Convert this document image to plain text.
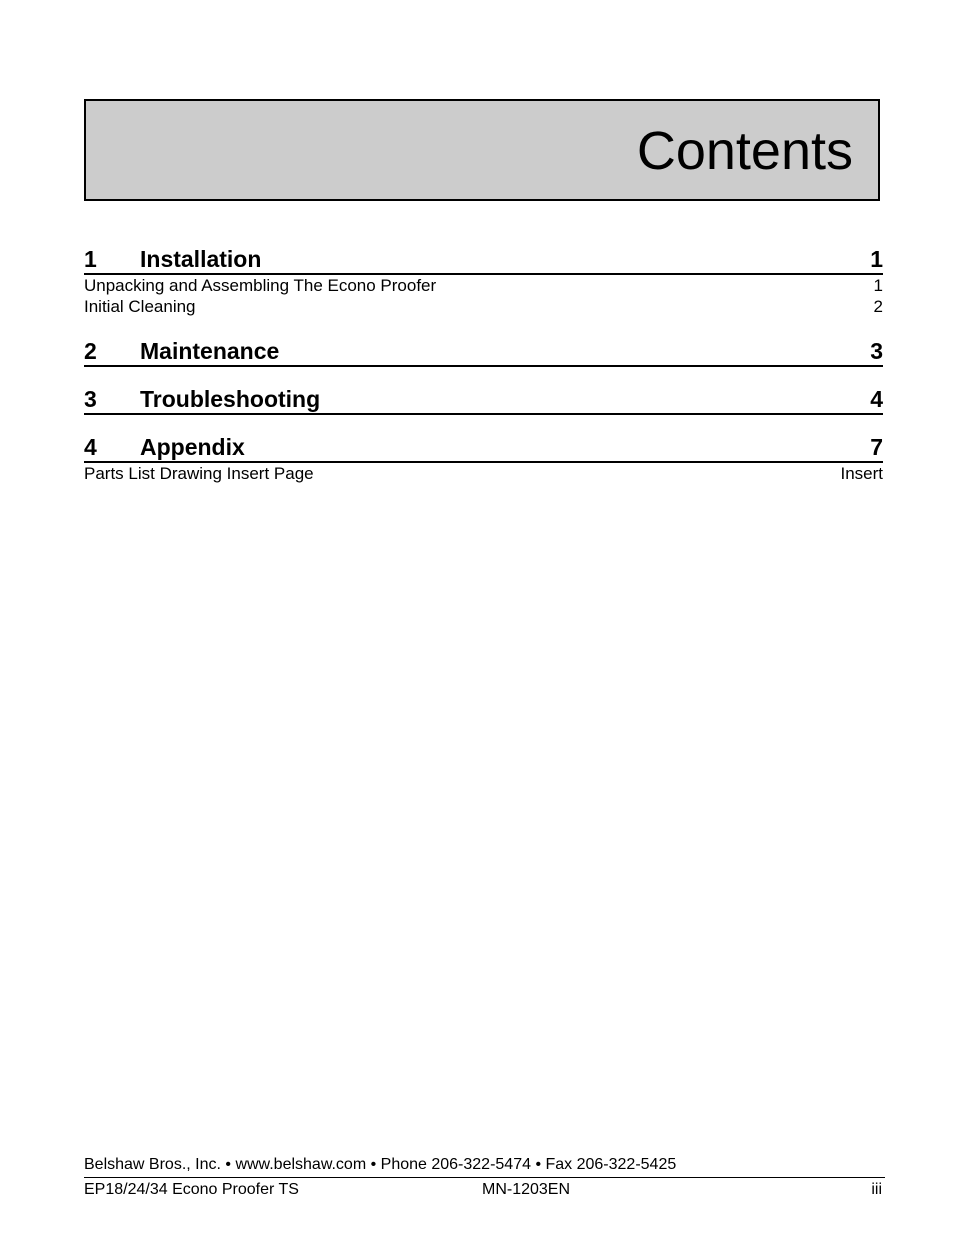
Contents
1	Installation	1
Unpacking and Assembling The Econo Proofer	1
Initial Cleaning	2
2	Maintenance	3
3	Troubleshooting	4
4	Appendix	7
Parts List Drawing Insert Page	Insert
Belshaw Bros., Inc. • www.belshaw.com • Phone 206-322-5474 • Fax 206-322-5425
EP18/24/34 Econo Proofer TS	MN-1203EN	iii
